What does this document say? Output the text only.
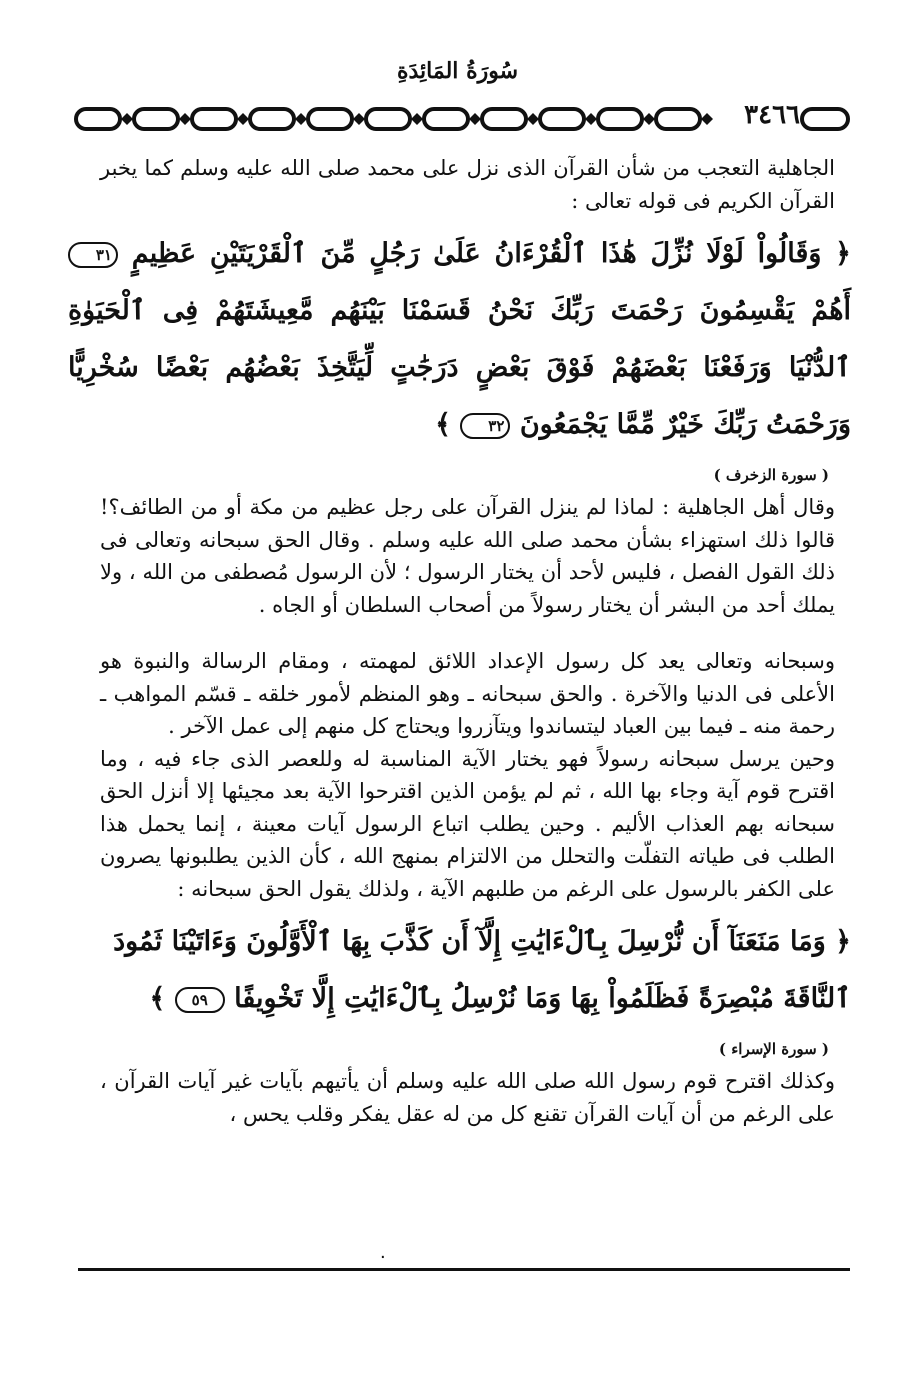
سُورَةُ المَائِدَةِ
٣٤٦٦

الجاهلية التعجب من شأن القرآن الذى نزل على محمد صلى الله عليه وسلم كما يخبر القرآن الكريم فى قوله تعالى :

﴿ وَقَالُواْ لَوْلَا نُزِّلَ هَٰذَا ٱلْقُرْءَانُ عَلَىٰ رَجُلٍ مِّنَ ٱلْقَرْيَتَيْنِ عَظِيمٍ ٣١ أَهُمْ يَقْسِمُونَ رَحْمَتَ رَبِّكَ نَحْنُ قَسَمْنَا بَيْنَهُم مَّعِيشَتَهُمْ فِى ٱلْحَيَوٰةِ ٱلدُّنْيَا وَرَفَعْنَا بَعْضَهُمْ فَوْقَ بَعْضٍ دَرَجَٰتٍ لِّيَتَّخِذَ بَعْضُهُم بَعْضًا سُخْرِيًّا وَرَحْمَتُ رَبِّكَ خَيْرٌ مِّمَّا يَجْمَعُونَ ٣٢ ﴾
( سورة الزخرف )

وقال أهل الجاهلية : لماذا لم ينزل القرآن على رجل عظيم من مكة أو من الطائف؟! قالوا ذلك استهزاء بشأن محمد صلى الله عليه وسلم . وقال الحق سبحانه وتعالى فى ذلك القول الفصل ، فليس لأحد أن يختار الرسول ؛ لأن الرسول مُصطفى من الله ، ولا يملك أحد من البشر أن يختار رسولاً من أصحاب السلطان أو الجاه .

وسبحانه وتعالى يعد كل رسول الإعداد اللائق لمهمته ، ومقام الرسالة والنبوة هو الأعلى فى الدنيا والآخرة . والحق سبحانه ـ وهو المنظم لأمور خلقه ـ قسّم المواهب ـ رحمة منه ـ فيما بين العباد ليتساندوا ويتآزروا ويحتاج كل منهم إلى عمل الآخر .

وحين يرسل سبحانه رسولاً فهو يختار الآية المناسبة له وللعصر الذى جاء فيه ، وما اقترح قوم آية وجاء بها الله ، ثم لم يؤمن الذين اقترحوا الآية بعد مجيئها إلا أنزل الحق سبحانه بهم العذاب الأليم . وحين يطلب اتباع الرسول آيات معينة ، إنما يحمل هذا الطلب فى طياته التفلّت والتحلل من الالتزام بمنهج الله ، كأن الذين يطلبونها يصرون على الكفر بالرسول على الرغم من طلبهم الآية ، ولذلك يقول الحق سبحانه :

﴿ وَمَا مَنَعَنَآ أَن نُّرْسِلَ بِٱلْءَايَٰتِ إِلَّآ أَن كَذَّبَ بِهَا ٱلْأَوَّلُونَ وَءَاتَيْنَا ثَمُودَ ٱلنَّاقَةَ مُبْصِرَةً فَظَلَمُواْ بِهَا وَمَا نُرْسِلُ بِٱلْءَايَٰتِ إِلَّا تَخْوِيفًا ٥٩ ﴾
( سورة الإسراء )

وكذلك اقترح قوم رسول الله صلى الله عليه وسلم أن يأتيهم بآيات غير آيات القرآن ، على الرغم من أن آيات القرآن تقنع كل من له عقل يفكر وقلب يحس ،

٠
